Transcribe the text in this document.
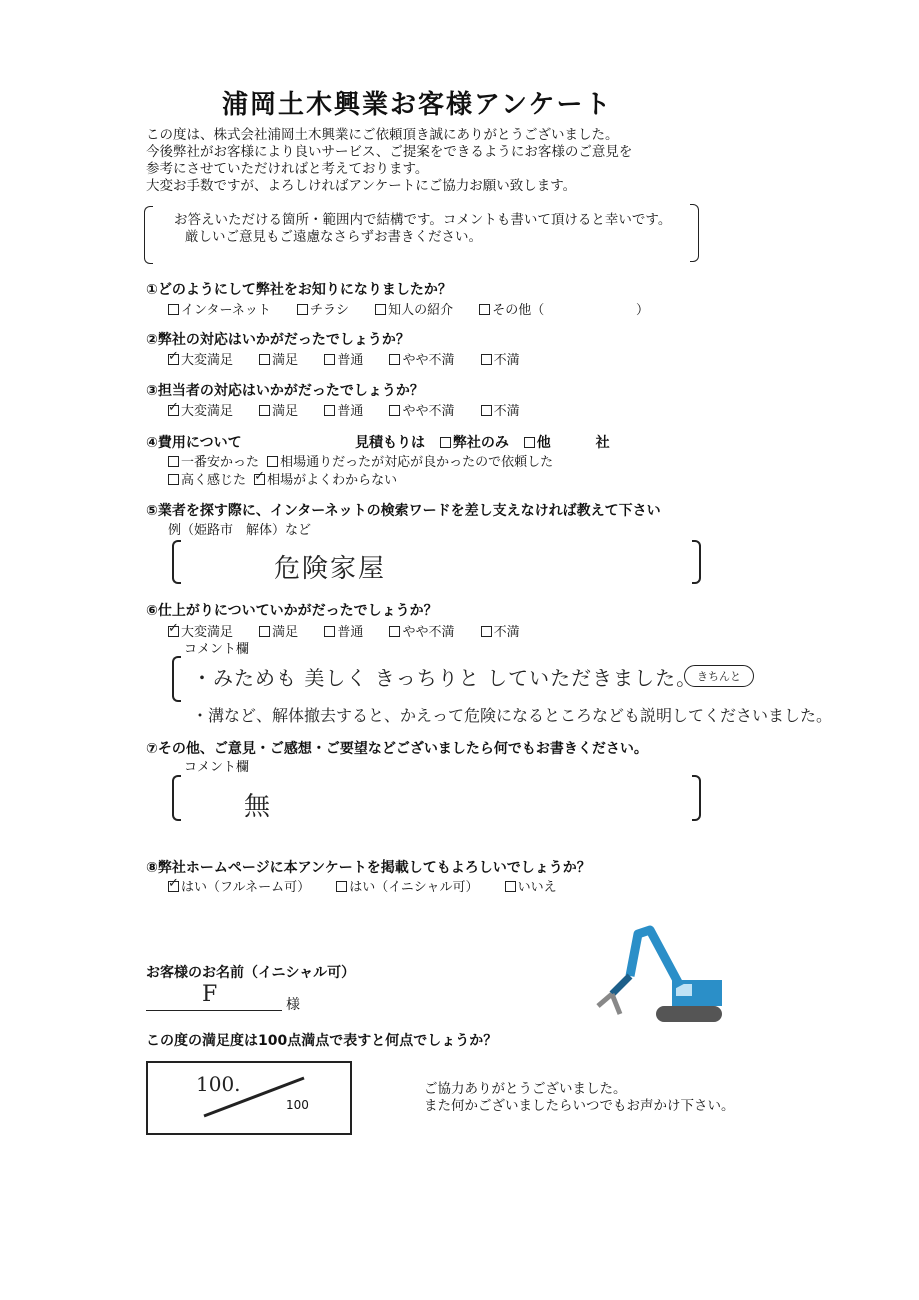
浦岡土木興業お客様アンケート
この度は、株式会社浦岡土木興業にご依頼頂き誠にありがとうございました。
今後弊社がお客様により良いサービス、ご提案をできるようにお客様のご意見を
参考にさせていただければと考えております。
大変お手数ですが、よろしければアンケートにご協力お願い致します。
お答えいただける箇所・範囲内で結構です。コメントも書いて頂けると幸いです。
厳しいご意見もご遠慮なさらずお書きください。
①どのようにして弊社をお知りになりましたか？
インターネット	チラシ	知人の紹介	その他（	）
②弊社の対応はいかがだったでしょうか？
✓大変満足	満足	普通	やや不満	不満
③担当者の対応はいかがだったでしょうか？
✓大変満足	満足	普通	やや不満	不満
④費用について	見積もりは 弊社のみ 他	社
一番安かった 相場通りだったが対応が良かったので依頼した
高く感じた ✓ 相場がよくわからない
⑤業者を探す際に、インターネットの検索ワードを差し支えなければ教えて下さい
例（姫路市　解体）など
危険家屋
⑥仕上がりについていかがだったでしょうか？
✓大変満足	満足	普通	やや不満	不満
コメント欄
・みためも 美しく きっちりと していただきました。 きちんと
・溝など、解体撤去すると、かえって危険になるところなども説明してくださいました。
⑦その他、ご意見・ご感想・ご要望などございましたら何でもお書きください。
コメント欄
無
⑧弊社ホームページに本アンケートを掲載してもよろしいでしょうか？
✓はい（フルネーム可）	はい（イニシャル可）	いいえ
お客様のお名前（イニシャル可）
F	様
この度の満足度は100点満点で表すと何点でしょうか？
100.
100
ご協力ありがとうございました。
また何かございましたらいつでもお声かけ下さい。
